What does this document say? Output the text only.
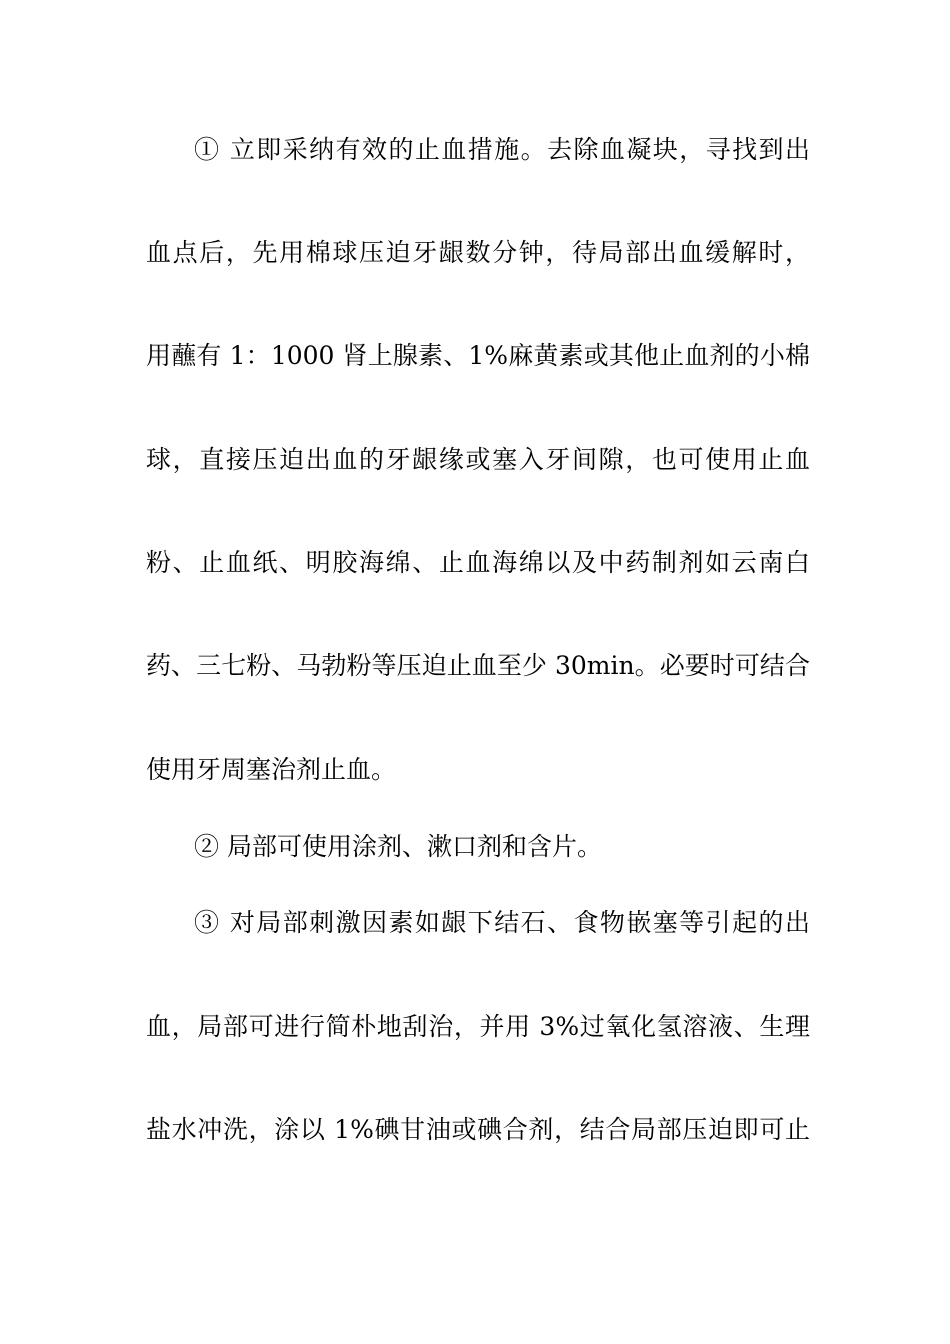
① 立即采纳有效的止血措施。去除血凝块，寻找到出
血点后，先用棉球压迫牙龈数分钟，待局部出血缓解时，
用蘸有 1：1000 肾上腺素、1%麻黄素或其他止血剂的小棉
球，直接压迫出血的牙龈缘或塞入牙间隙，也可使用止血
粉、止血纸、明胶海绵、止血海绵以及中药制剂如云南白
药、三七粉、马勃粉等压迫止血至少 30min。必要时可结合
使用牙周塞治剂止血。
② 局部可使用涂剂、漱口剂和含片。
③ 对局部刺激因素如龈下结石、食物嵌塞等引起的出
血，局部可进行简朴地刮治，并用 3%过氧化氢溶液、生理
盐水冲洗，涂以 1%碘甘油或碘合剂，结合局部压迫即可止
